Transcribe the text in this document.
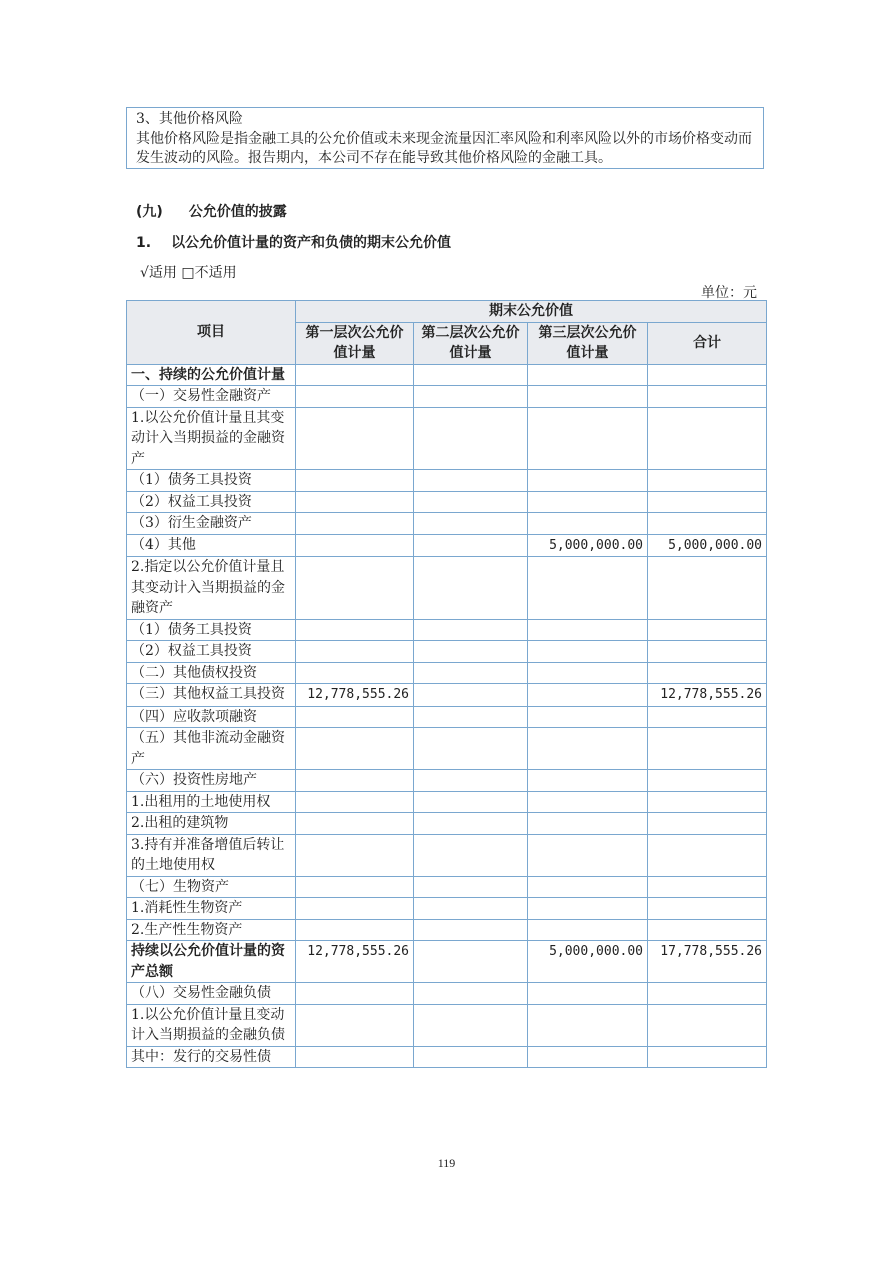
3、其他价格风险

其他价格风险是指金融工具的公允价值或未来现金流量因汇率风险和利率风险以外的市场价格变动而发生波动的风险。报告期内，本公司不存在能导致其他价格风险的金融工具。

(九) 公允价值的披露
1. 以公允价值计量的资产和负债的期末公允价值
√适用 □不适用
单位：元
项目	期末公允价值			
	第一层次公允价值计量	第二层次公允价值计量	第三层次公允价值计量	合计
一、持续的公允价值计量				
（一）交易性金融资产				
1.以公允价值计量且其变动计入当期损益的金融资产				
（1）债务工具投资				
（2）权益工具投资				
（3）衍生金融资产				
（4）其他			5,000,000.00	5,000,000.00
2.指定以公允价值计量且其变动计入当期损益的金融资产				
（1）债务工具投资				
（2）权益工具投资				
（二）其他债权投资				
（三）其他权益工具投资	12,778,555.26			12,778,555.26
（四）应收款项融资				
（五）其他非流动金融资产				
（六）投资性房地产				
1.出租用的土地使用权				
2.出租的建筑物				
3.持有并准备增值后转让的土地使用权				
（七）生物资产				
1.消耗性生物资产				
2.生产性生物资产				
持续以公允价值计量的资产总额	12,778,555.26		5,000,000.00	17,778,555.26
（八）交易性金融负债				
1.以公允价值计量且变动计入当期损益的金融负债				
其中：发行的交易性债				
119
